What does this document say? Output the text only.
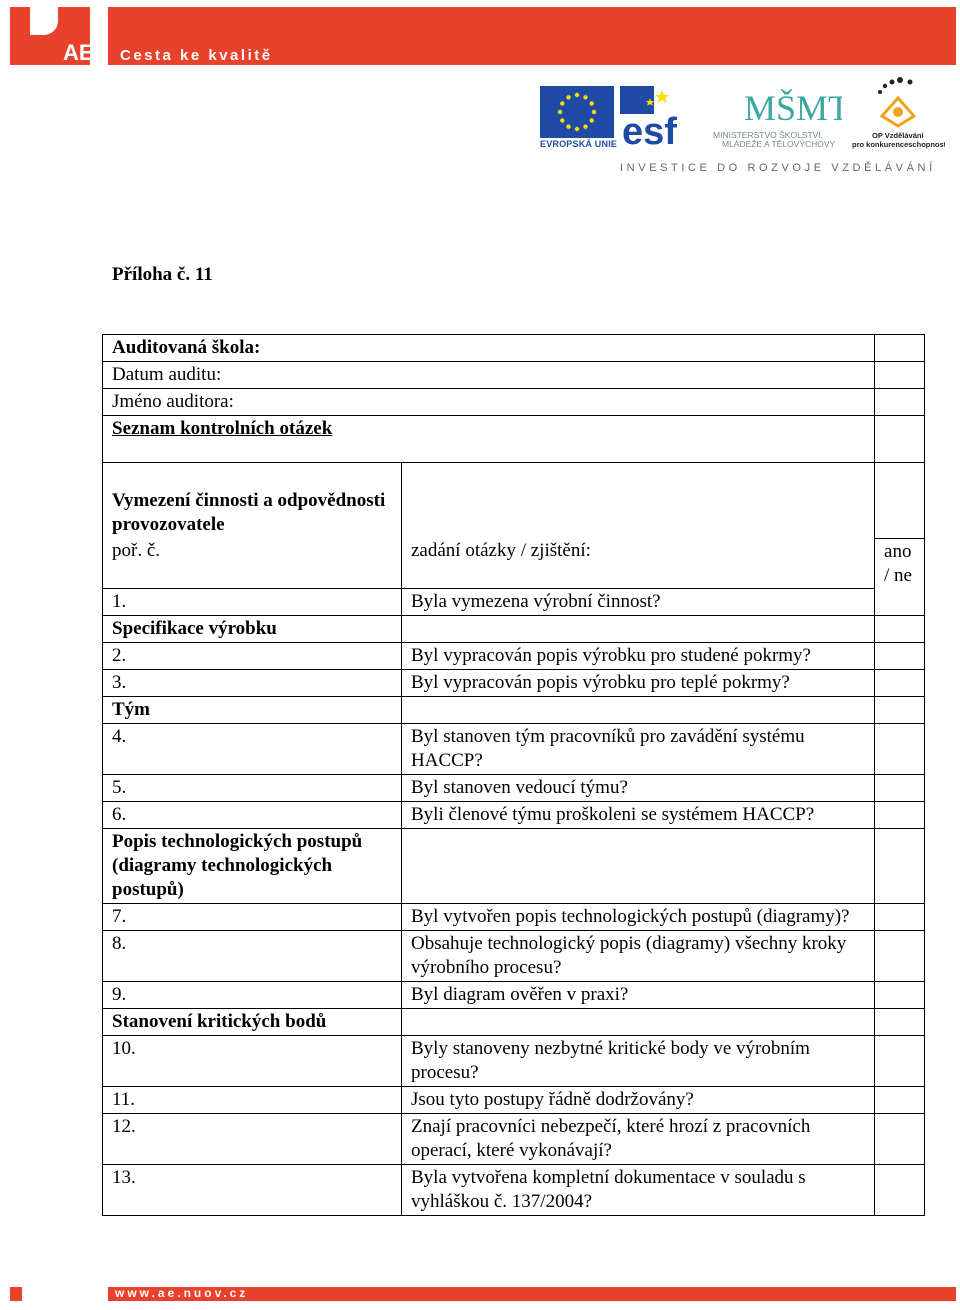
AE Cesta ke kvalitě
EVROPSKÁ UNIE esf
MŠMT
MINISTERSTVO ŠKOLSTVÍ,
MLÁDEŽE A TĚLOVÝCHOVY
OP Vzdělávání
pro konkurenceschopnost
INVESTICE DO ROZVOJE VZDĚLÁVÁNÍ
Příloha č. 11
Auditovaná škola:		
Datum auditu:		
Jméno auditora:		
Seznam kontrolních otázek		
Vymezení činnosti a odpovědnosti provozovatele		
poř. č.	zadání otázky / zjištění:	ano / ne
1.	Byla vymezena výrobní činnost?	
Specifikace výrobku		
2.	Byl vypracován popis výrobku pro studené pokrmy?	
3.	Byl vypracován popis výrobku pro teplé pokrmy?	
Tým		
4.	Byl stanoven tým pracovníků pro zavádění systému HACCP?	
5.	Byl stanoven vedoucí týmu?	
6.	Byli členové týmu proškoleni se systémem HACCP?	
Popis technologických postupů (diagramy technologických postupů)		
7.	Byl vytvořen popis technologických postupů (diagramy)?	
8.	Obsahuje technologický popis (diagramy) všechny kroky výrobního procesu?	
9.	Byl diagram ověřen v praxi?	
Stanovení kritických bodů		
10.	Byly stanoveny nezbytné kritické body ve výrobním procesu?	
11.	Jsou tyto postupy řádně dodržovány?	
12.	Znají pracovníci nebezpečí, které hrozí z pracovních operací, které vykonávají?	
13.	Byla vytvořena kompletní dokumentace v souladu s vyhláškou č. 137/2004?	
www.ae.nuov.cz
